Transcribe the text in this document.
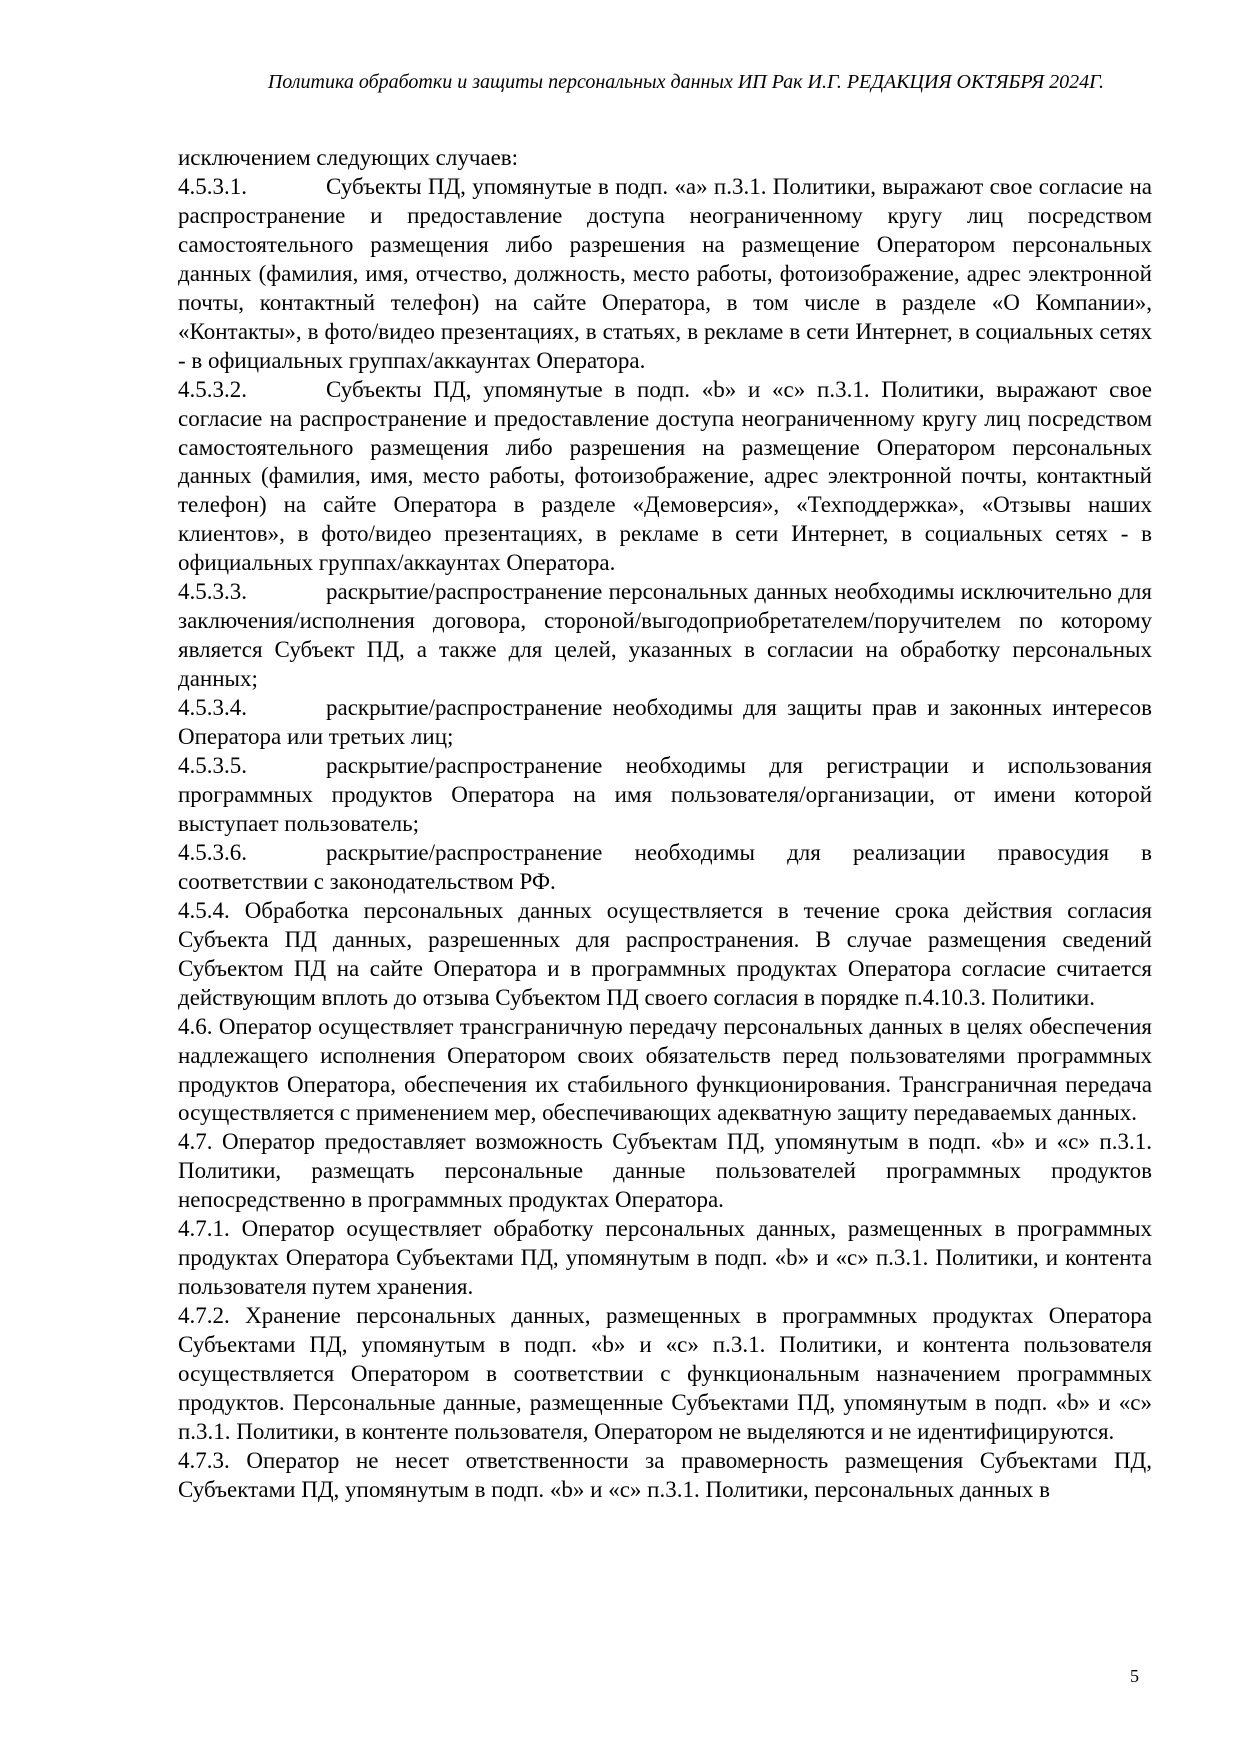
Политика обработки и защиты персональных данных ИП Рак И.Г. РЕДАКЦИЯ ОКТЯБРЯ 2024Г.

исключением следующих случаев:

4.5.3.1.	Субъекты ПД, упомянутые в подп. «а» п.3.1. Политики, выражают свое согласие на распространение и предоставление доступа неограниченному кругу лиц посредством самостоятельного размещения либо разрешения на размещение Оператором персональных данных (фамилия, имя, отчество, должность, место работы, фотоизображение, адрес электронной почты, контактный телефон) на сайте Оператора, в том числе в разделе «О Компании», «Контакты», в фото/видео презентациях, в статьях, в рекламе в сети Интернет, в социальных сетях - в официальных группах/аккаунтах Оператора.

4.5.3.2.	Субъекты ПД, упомянутые в подп. «b» и «с» п.3.1. Политики, выражают свое согласие на распространение и предоставление доступа неограниченному кругу лиц посредством самостоятельного размещения либо разрешения на размещение Оператором персональных данных (фамилия, имя, место работы, фотоизображение, адрес электронной почты, контактный телефон) на сайте Оператора в разделе «Демоверсия», «Техподдержка», «Отзывы наших клиентов», в фото/видео презентациях, в рекламе в сети Интернет, в социальных сетях - в официальных группах/аккаунтах Оператора.

4.5.3.3.	раскрытие/распространение персональных данных необходимы исключительно для заключения/исполнения договора, стороной/выгодоприобретателем/поручителем по которому является Субъект ПД, а также для целей, указанных в согласии на обработку персональных данных;

4.5.3.4.	раскрытие/распространение необходимы для защиты прав и законных интересов Оператора или третьих лиц;

4.5.3.5.	раскрытие/распространение необходимы для регистрации и использования программных продуктов Оператора на имя пользователя/организации, от имени которой выступает пользователь;

4.5.3.6.	раскрытие/распространение необходимы для реализации правосудия в соответствии с законодательством РФ.

4.5.4. Обработка персональных данных осуществляется в течение срока действия согласия Субъекта ПД данных, разрешенных для распространения. В случае размещения сведений Субъектом ПД на сайте Оператора и в программных продуктах Оператора согласие считается действующим вплоть до отзыва Субъектом ПД своего согласия в порядке п.4.10.3. Политики.

4.6. Оператор осуществляет трансграничную передачу персональных данных в целях обеспечения надлежащего исполнения Оператором своих обязательств перед пользователями программных продуктов Оператора, обеспечения их стабильного функционирования. Трансграничная передача осуществляется с применением мер, обеспечивающих адекватную защиту передаваемых данных.

4.7. Оператор предоставляет возможность Субъектам ПД, упомянутым в подп. «b» и «с» п.3.1. Политики, размещать персональные данные пользователей программных продуктов непосредственно в программных продуктах Оператора.

4.7.1. Оператор осуществляет обработку персональных данных, размещенных в программных продуктах Оператора Субъектами ПД, упомянутым в подп. «b» и «с» п.3.1. Политики, и контента пользователя путем хранения.

4.7.2. Хранение персональных данных, размещенных в программных продуктах Оператора Субъектами ПД, упомянутым в подп. «b» и «с» п.3.1. Политики, и контента пользователя осуществляется Оператором в соответствии с функциональным назначением программных продуктов. Персональные данные, размещенные Субъектами ПД, упомянутым в подп. «b» и «с» п.3.1. Политики, в контенте пользователя, Оператором не выделяются и не идентифицируются.

4.7.3. Оператор не несет ответственности за правомерность размещения Субъектами ПД, Субъектами ПД, упомянутым в подп. «b» и «с» п.3.1. Политики, персональных данных в

5
